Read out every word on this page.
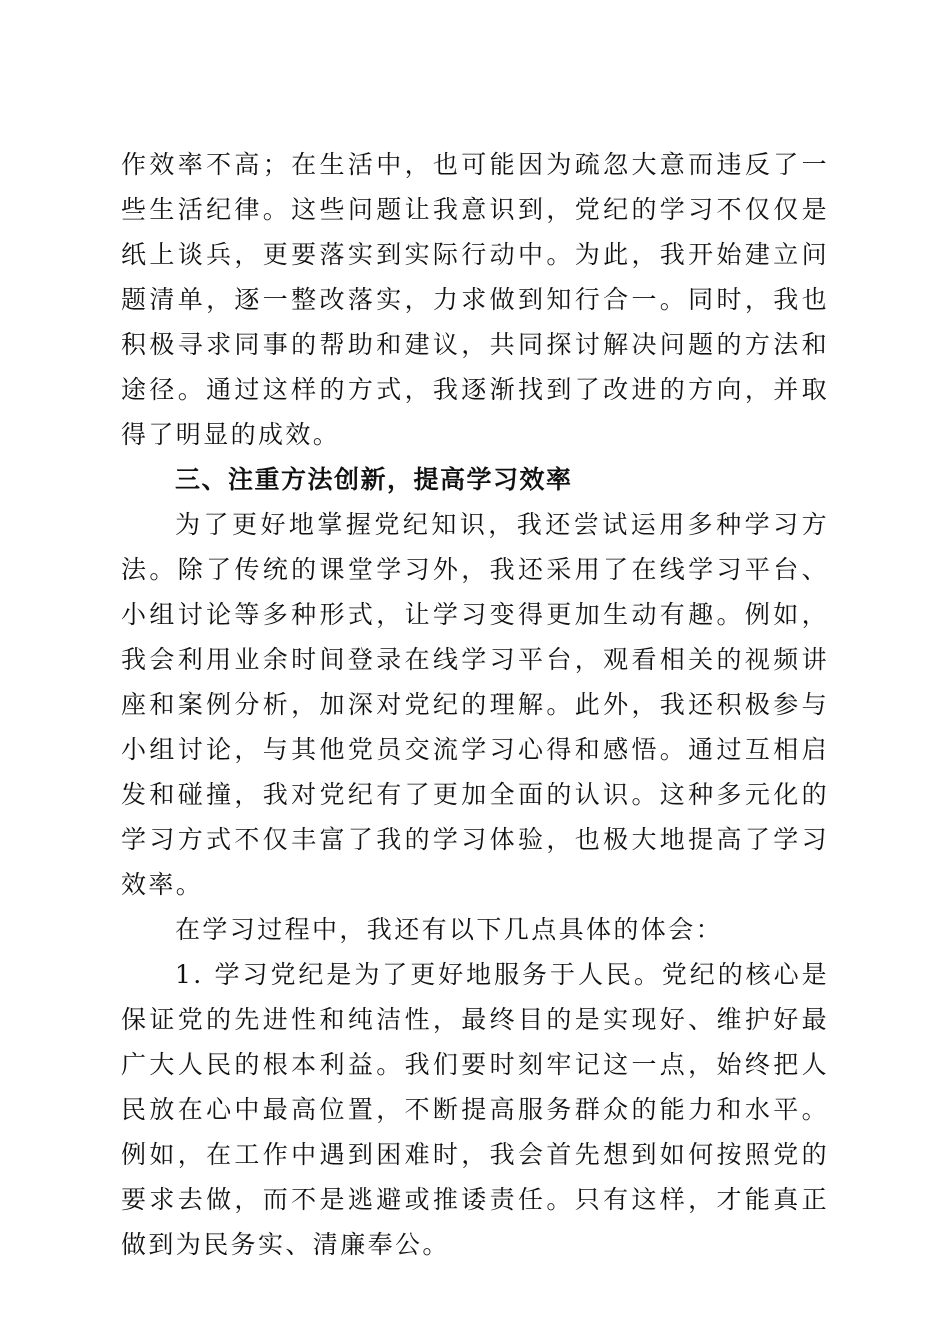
作效率不高；在生活中，也可能因为疏忽大意而违反了一些生活纪律。这些问题让我意识到，党纪的学习不仅仅是纸上谈兵，更要落实到实际行动中。为此，我开始建立问题清单，逐一整改落实，力求做到知行合一。同时，我也积极寻求同事的帮助和建议，共同探讨解决问题的方法和途径。通过这样的方式，我逐渐找到了改进的方向，并取得了明显的成效。

三、注重方法创新，提高学习效率

为了更好地掌握党纪知识，我还尝试运用多种学习方法。除了传统的课堂学习外，我还采用了在线学习平台、小组讨论等多种形式，让学习变得更加生动有趣。例如，我会利用业余时间登录在线学习平台，观看相关的视频讲座和案例分析，加深对党纪的理解。此外，我还积极参与小组讨论，与其他党员交流学习心得和感悟。通过互相启发和碰撞，我对党纪有了更加全面的认识。这种多元化的学习方式不仅丰富了我的学习体验，也极大地提高了学习效率。

在学习过程中，我还有以下几点具体的体会：

1. 学习党纪是为了更好地服务于人民。党纪的核心是保证党的先进性和纯洁性，最终目的是实现好、维护好最广大人民的根本利益。我们要时刻牢记这一点，始终把人民放在心中最高位置，不断提高服务群众的能力和水平。例如，在工作中遇到困难时，我会首先想到如何按照党的要求去做，而不是逃避或推诿责任。只有这样，才能真正做到为民务实、清廉奉公。
